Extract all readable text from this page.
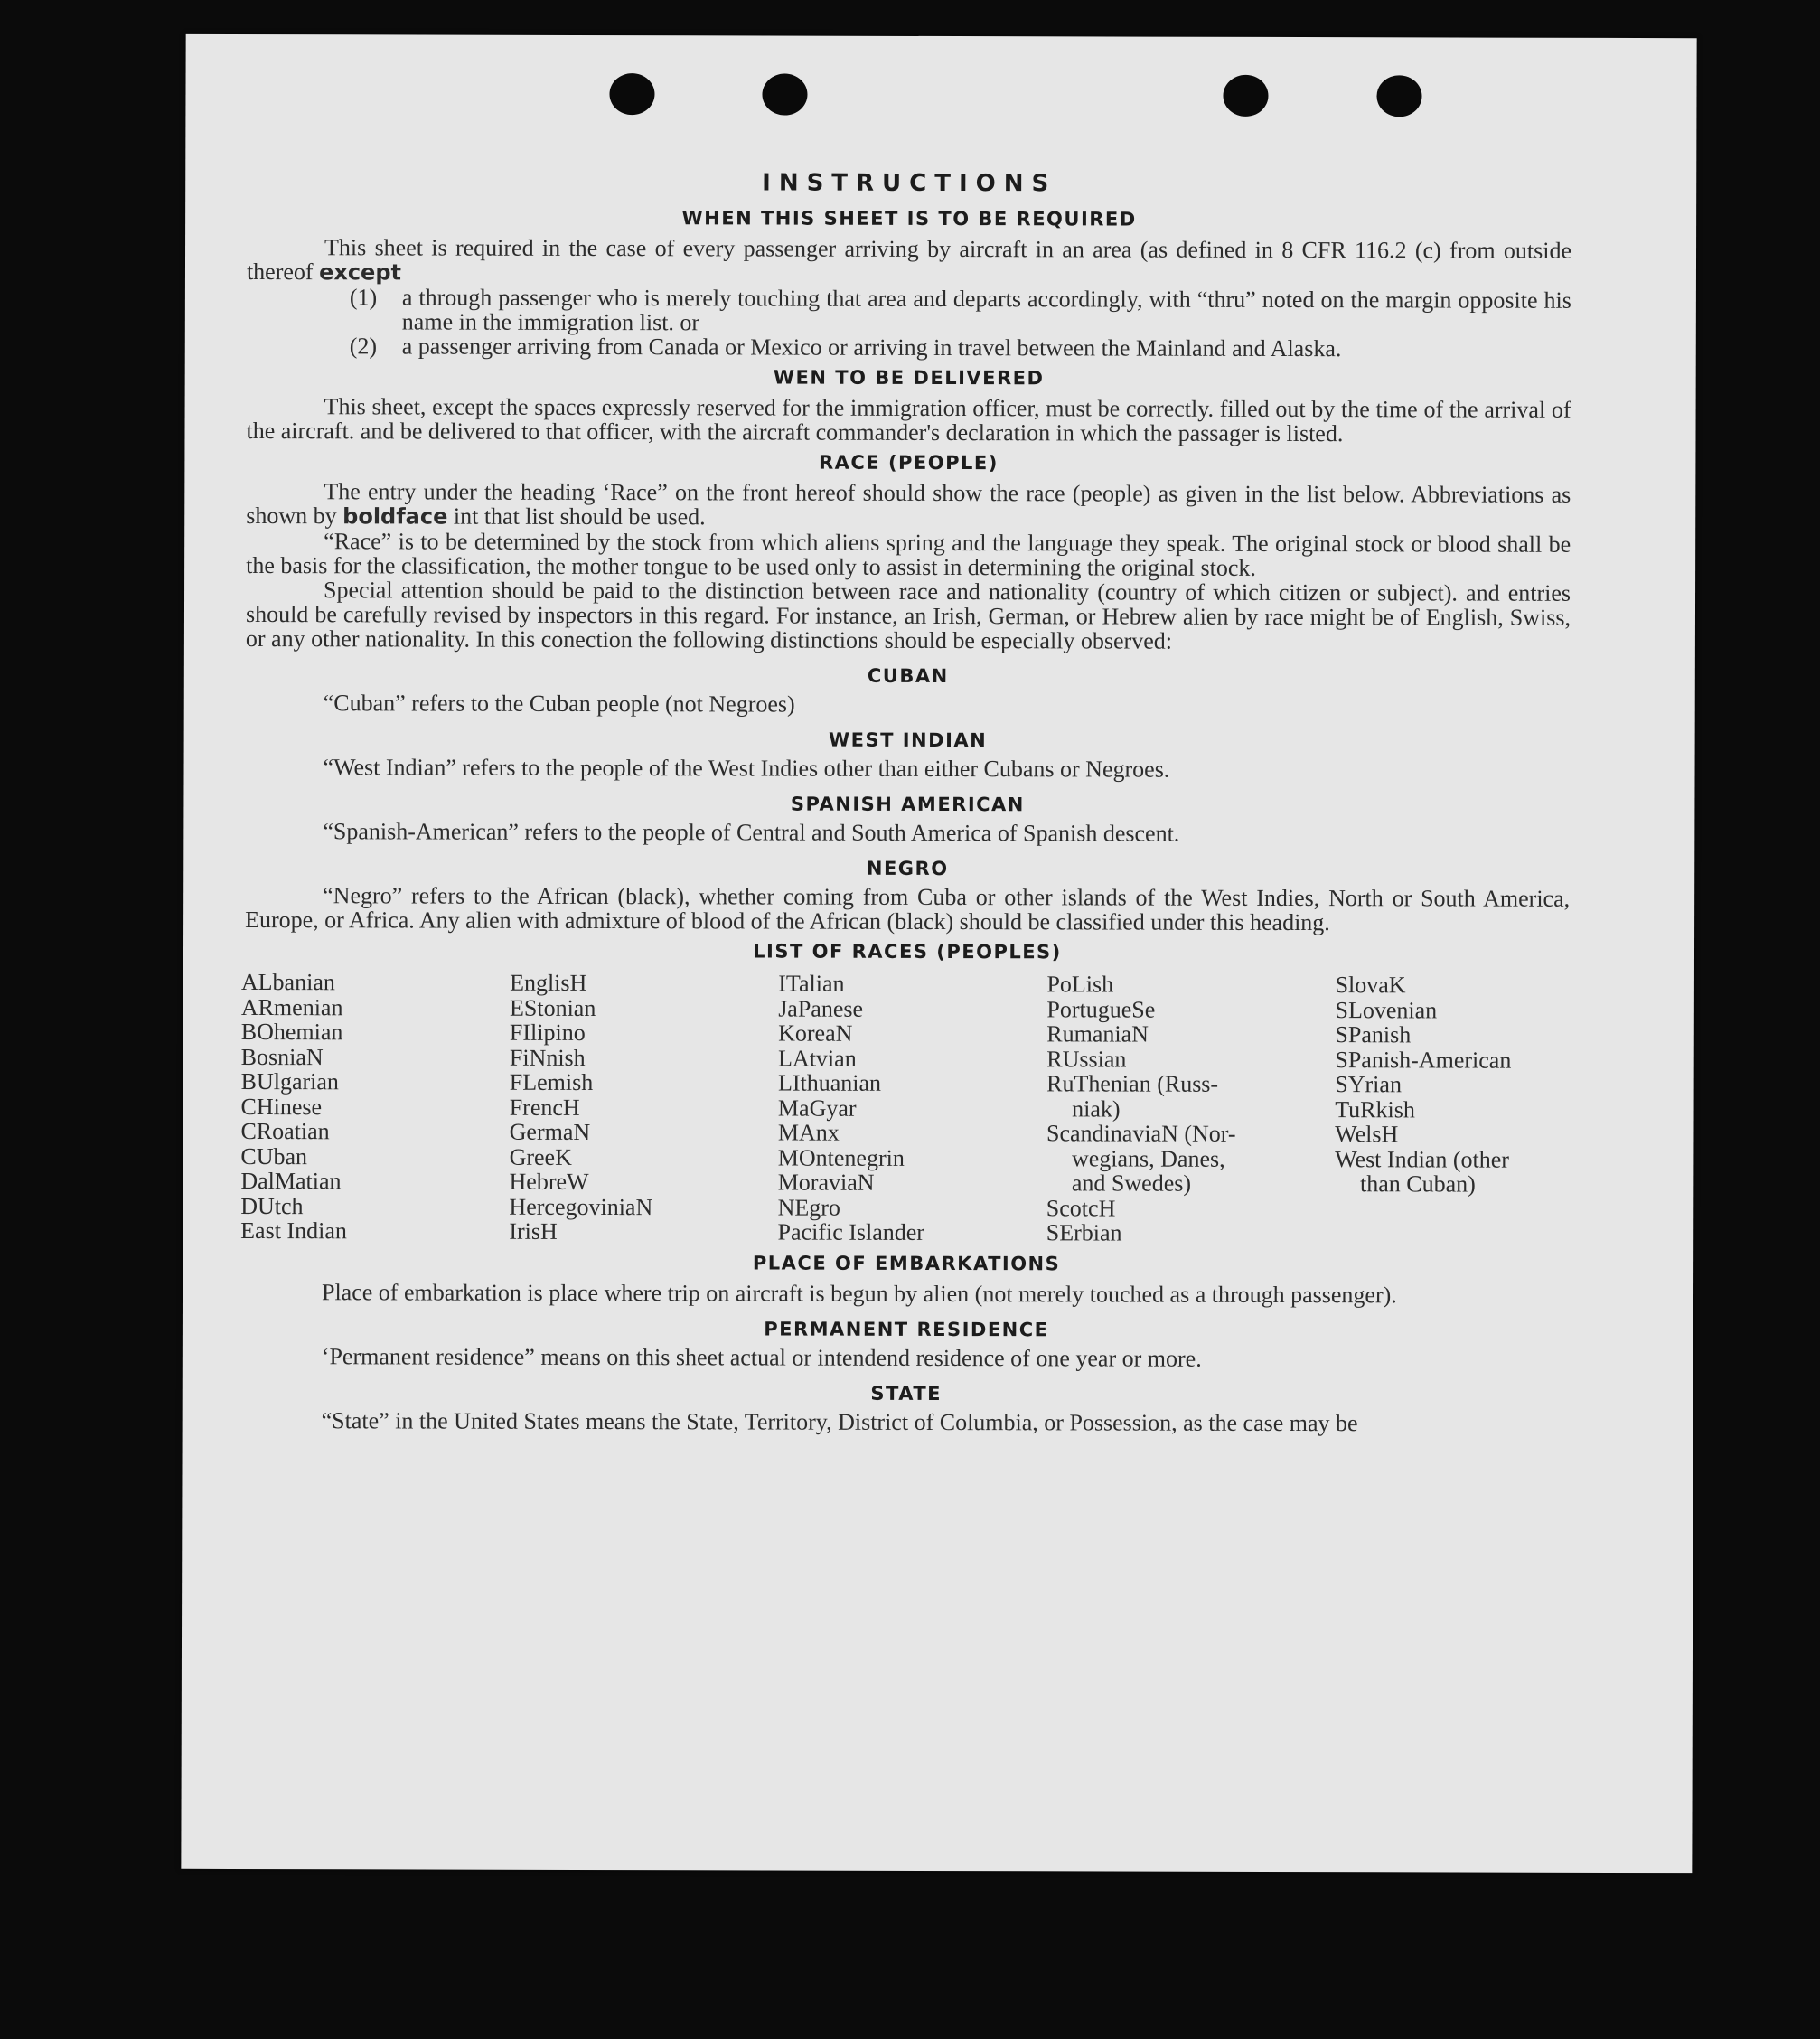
INSTRUCTIONS
WHEN THIS SHEET IS TO BE REQUIRED

This sheet is required in the case of every passenger arriving by aircraft in an area (as defined in 8 CFR 116.2 (c) from outside thereof except

(1)	a through passenger who is merely touching that area and departs accordingly, with “thru” noted on the margin opposite his name in the immigration list. or
(2)	a passenger arriving from Canada or Mexico or arriving in travel between the Mainland and Alaska.
WEN TO BE DELIVERED

This sheet, except the spaces expressly reserved for the immigration officer, must be correctly. filled out by the time of the arrival of the aircraft. and be delivered to that officer, with the aircraft commander's declaration in which the passager is listed.

RACE (PEOPLE)

The entry under the heading ‘Race” on the front hereof should show the race (people) as given in the list below. Abbreviations as shown by boldface int that list should be used.

“Race” is to be determined by the stock from which aliens spring and the language they speak. The original stock or blood shall be the basis for the classification, the mother tongue to be used only to assist in determining the original stock.

Special attention should be paid to the distinction between race and nationality (country of which citizen or subject). and entries should be carefully revised by inspectors in this regard. For instance, an Irish, German, or Hebrew alien by race might be of English, Swiss, or any other nationality. In this conection the following distinctions should be especially observed:

CUBAN

“Cuban” refers to the Cuban people (not Negroes)

WEST INDIAN

“West Indian” refers to the people of the West Indies other than either Cubans or Negroes.

SPANISH AMERICAN

“Spanish-American” refers to the people of Central and South America of Spanish descent.

NEGRO

“Negro” refers to the African (black), whether coming from Cuba or other islands of the West Indies, North or South America, Europe, or Africa. Any alien with admixture of blood of the African (black) should be classified under this heading.

LIST OF RACES (PEOPLES)
ALbanian
ARmenian
BOhemian
BosniaN
BUlgarian
CHinese
CRoatian
CUban
DalMatian
DUtch
East Indian
EnglisH
EStonian
FIlipino
FiNnish
FLemish
FrencH
GermaN
GreeK
HebreW
HercegoviniaN
IrisH
ITalian
JaPanese
KoreaN
LAtvian
LIthuanian
MaGyar
MAnx
MOntenegrin
MoraviaN
NEgro
Pacific Islander
PoLish
PortugueSe
RumaniaN
RUssian
RuThenian (Russ-
niak)
ScandinaviaN (Nor-
wegians, Danes,
and Swedes)
ScotcH
SErbian
SlovaK
SLovenian
SPanish
SPanish-American
SYrian
TuRkish
WelsH
West Indian (other
than Cuban)
PLACE OF EMBARKATIONS

Place of embarkation is place where trip on aircraft is begun by alien (not merely touched as a through passenger).

PERMANENT RESIDENCE

‘Permanent residence” means on this sheet actual or intendend residence of one year or more.

STATE

“State” in the United States means the State, Territory, District of Columbia, or Possession, as the case may be
